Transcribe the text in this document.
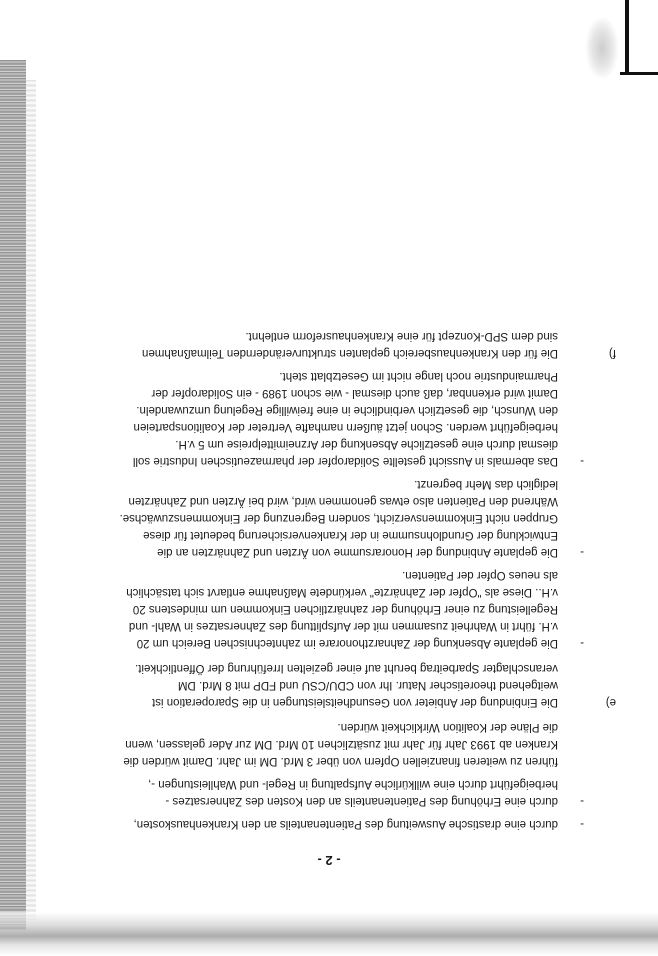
- 2 -
-

durch eine drastische Ausweitung des Patientenanteils an den Krankenhauskosten,

-

durch eine Erhöhung des Patientenanteils an den Kosten des Zahnersatzes - herbeigeführt durch eine willkürliche Aufspaltung in Regel- und Wahlleistungen -,

führen zu weiteren finanziellen Opfern von über 3 Mrd. DM im Jahr. Damit würden die Kranken ab 1993 Jahr für Jahr mit zusätzlichen 10 Mrd. DM zur Ader gelassen, wenn die Pläne der Koalition Wirklichkeit würden.

e)

Die Einbindung der Anbieter von Gesundheitsleistungen in die Sparoperation ist weitgehend theoretischer Natur. Ihr von CDU/CSU und FDP mit 8 Mrd. DM veranschlagter Sparbeitrag beruht auf einer gezielten Irreführung der Öffentlichkeit.

-

Die geplante Absenkung der Zahnarzthonorare im zahntechnischen Bereich um 20 v.H. führt in Wahrheit zusammen mit der Aufsplittung des Zahnersatzes in Wahl- und Regelleistung zu einer Erhöhung der zahnärztlichen Einkommen um mindestens 20 v.H.. Diese als "Opfer der Zahnärzte" verkündete Maßnahme entlarvt sich tatsächlich als neues Opfer der Patienten.

-

Die geplante Anbindung der Honorarsumme von Ärzten und Zahnärzten an die Entwicklung der Grundlohnsumme in der Krankenversicherung bedeutet für diese Gruppen nicht Einkommensverzicht, sondern Begrenzung der Einkommenszuwächse. Während den Patienten also etwas genommen wird, wird bei Ärzten und Zahnärzten lediglich das Mehr begrenzt.

-

Das abermals in Aussicht gestellte Solidaropfer der pharmazeutischen Industrie soll diesmal durch eine gesetzliche Absenkung der Arzneimittelpreise um 5 v.H. herbeigeführt werden. Schon jetzt äußern namhafte Vertreter der Koalitionsparteien den Wunsch, die gesetzlich verbindliche in eine freiwillige Regelung umzuwandeln. Damit wird erkennbar, daß auch diesmal - wie schon 1989 - ein Solidaropfer der Pharmaindustrie noch lange nicht im Gesetzblatt steht.

f)

Die für den Krankenhausbereich geplanten strukturverändernden Teilmaßnahmen sind dem SPD-Konzept für eine Krankenhausreform entlehnt.
